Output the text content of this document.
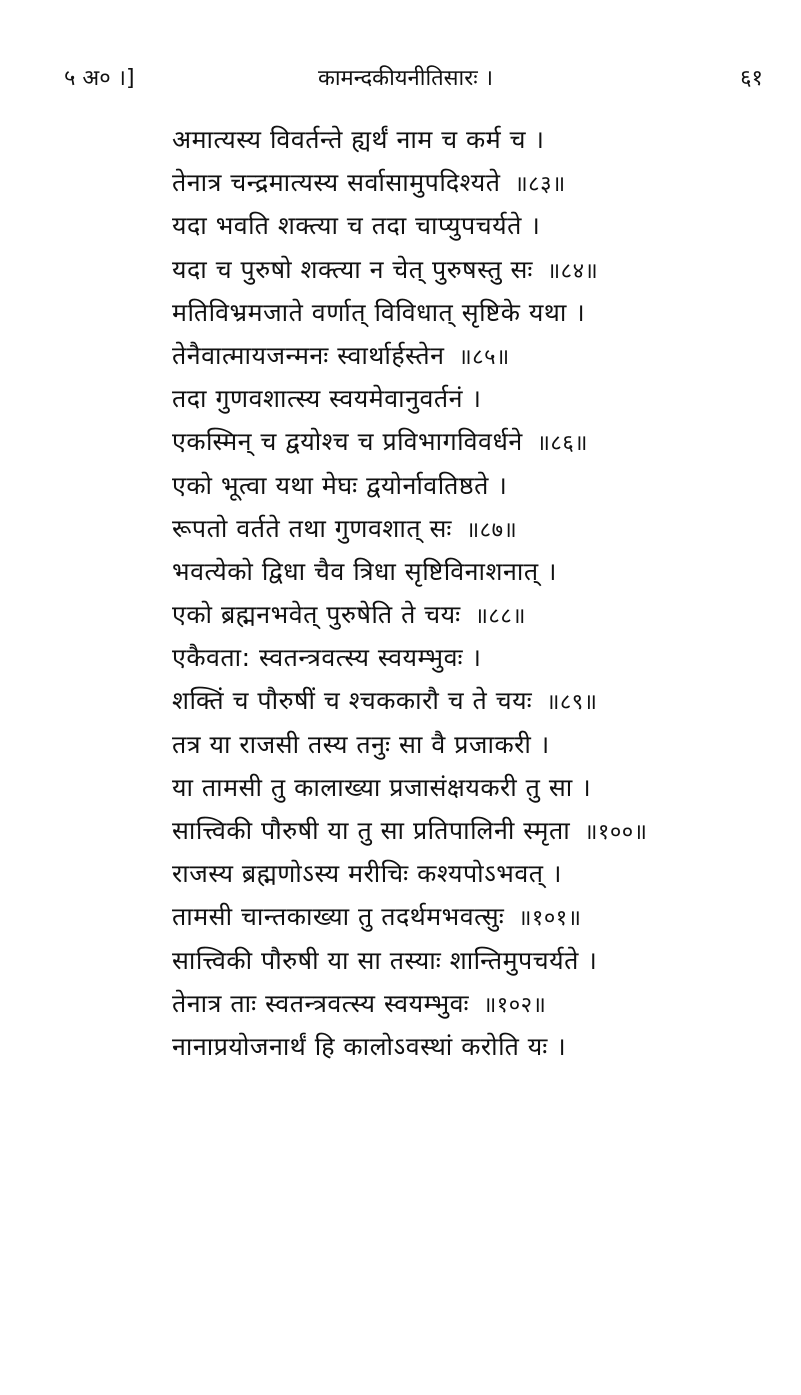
५ अ० ।]	कामन्दकीयनीतिसारः ।	६१
अमात्यस्य विवर्तन्ते ह्यर्थं नाम च कर्म च ।
तेनात्र चन्द्रमात्यस्य सर्वासामुपदिश्यते ॥८३॥
यदा भवति शक्त्या च तदा चाप्युपचर्यते ।
यदा च पुरुषो शक्त्या न चेत् पुरुषस्तु सः ॥८४॥
मतिविभ्रमजाते वर्णात् विविधात् सृष्टिके यथा ।
तेनैवात्मायजन्मनः स्वार्थार्हस्तेन ॥८५॥
तदा गुणवशात्स्य स्वयमेवानुवर्तनं ।
एकस्मिन् च द्वयोश्च च प्रविभागविवर्धने ॥८६॥
एको भूत्वा यथा मेघः द्वयोर्नावतिष्ठते ।
रूपतो वर्तते तथा गुणवशात् सः ॥८७॥
भवत्येको द्विधा चैव त्रिधा सृष्टिविनाशनात् ।
एको ब्रह्मनभवेत् पुरुषेति ते चयः ॥८८॥
एकैवता: स्वतन्त्रवत्स्य स्वयम्भुवः ।
शक्तिं च पौरुषीं च श्चककारौ च ते चयः ॥८९॥
तत्र या राजसी तस्य तनुः सा वै प्रजाकरी ।
या तामसी तु कालाख्या प्रजासंक्षयकरी तु सा ।
सात्त्विकी पौरुषी या तु सा प्रतिपालिनी स्मृता ॥१००॥
राजस्य ब्रह्मणोऽस्य मरीचिः कश्यपोऽभवत् ।
तामसी चान्तकाख्या तु तदर्थमभवत्सुः ॥१०१॥
सात्त्विकी पौरुषी या सा तस्याः शान्तिमुपचर्यते ।
तेनात्र ताः स्वतन्त्रवत्स्य स्वयम्भुवः ॥१०२॥
नानाप्रयोजनार्थं हि कालोऽवस्थां करोति यः ।
